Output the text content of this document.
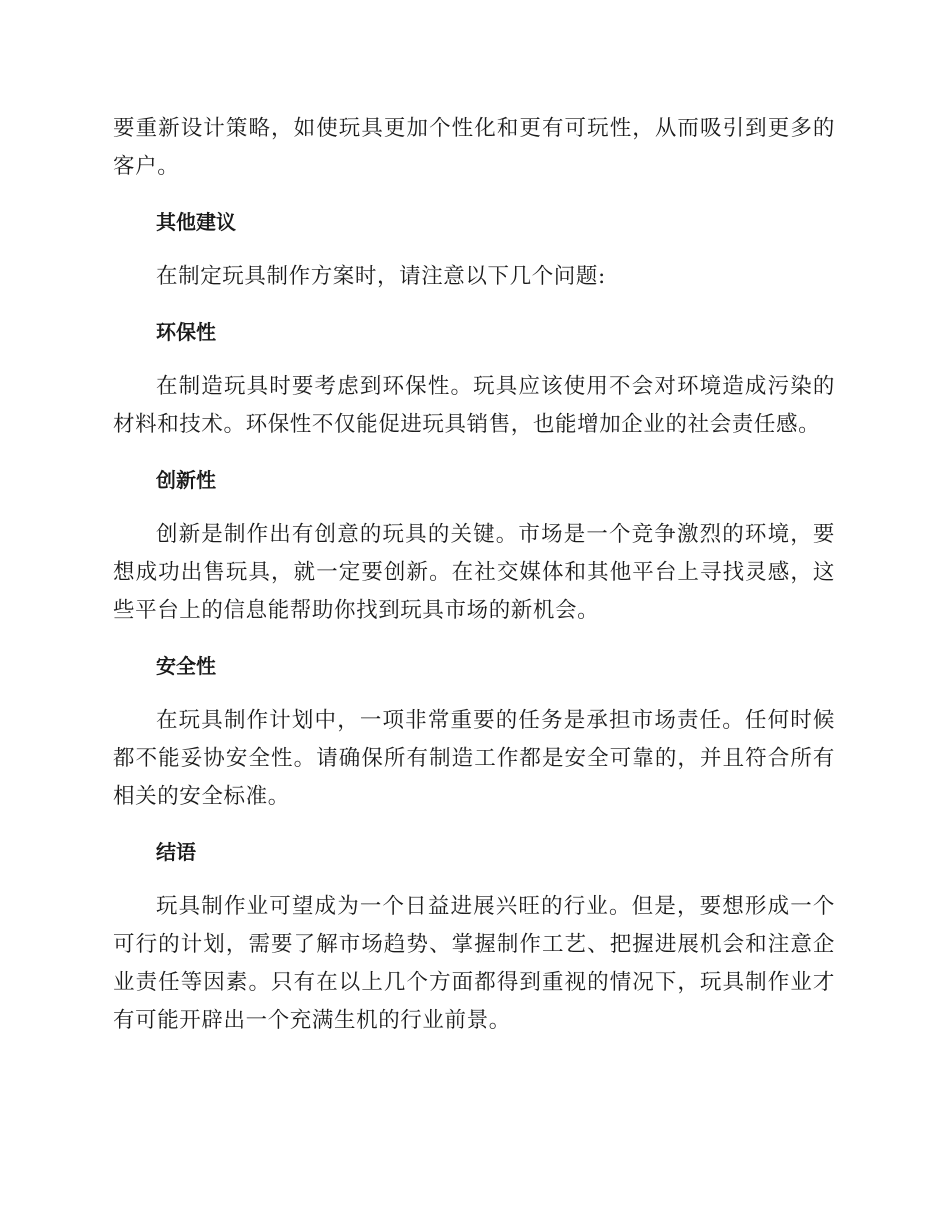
要重新设计策略，如使玩具更加个性化和更有可玩性，从而吸引到更多的客户。

其他建议

在制定玩具制作方案时，请注意以下几个问题:

环保性

在制造玩具时要考虑到环保性。玩具应该使用不会对环境造成污染的材料和技术。环保性不仅能促进玩具销售，也能增加企业的社会责任感。

创新性

创新是制作出有创意的玩具的关键。市场是一个竞争激烈的环境，要想成功出售玩具，就一定要创新。在社交媒体和其他平台上寻找灵感，这些平台上的信息能帮助你找到玩具市场的新机会。

安全性

在玩具制作计划中，一项非常重要的任务是承担市场责任。任何时候都不能妥协安全性。请确保所有制造工作都是安全可靠的，并且符合所有相关的安全标准。

结语

玩具制作业可望成为一个日益进展兴旺的行业。但是，要想形成一个可行的计划，需要了解市场趋势、掌握制作工艺、把握进展机会和注意企业责任等因素。只有在以上几个方面都得到重视的情况下，玩具制作业才有可能开辟出一个充满生机的行业前景。
